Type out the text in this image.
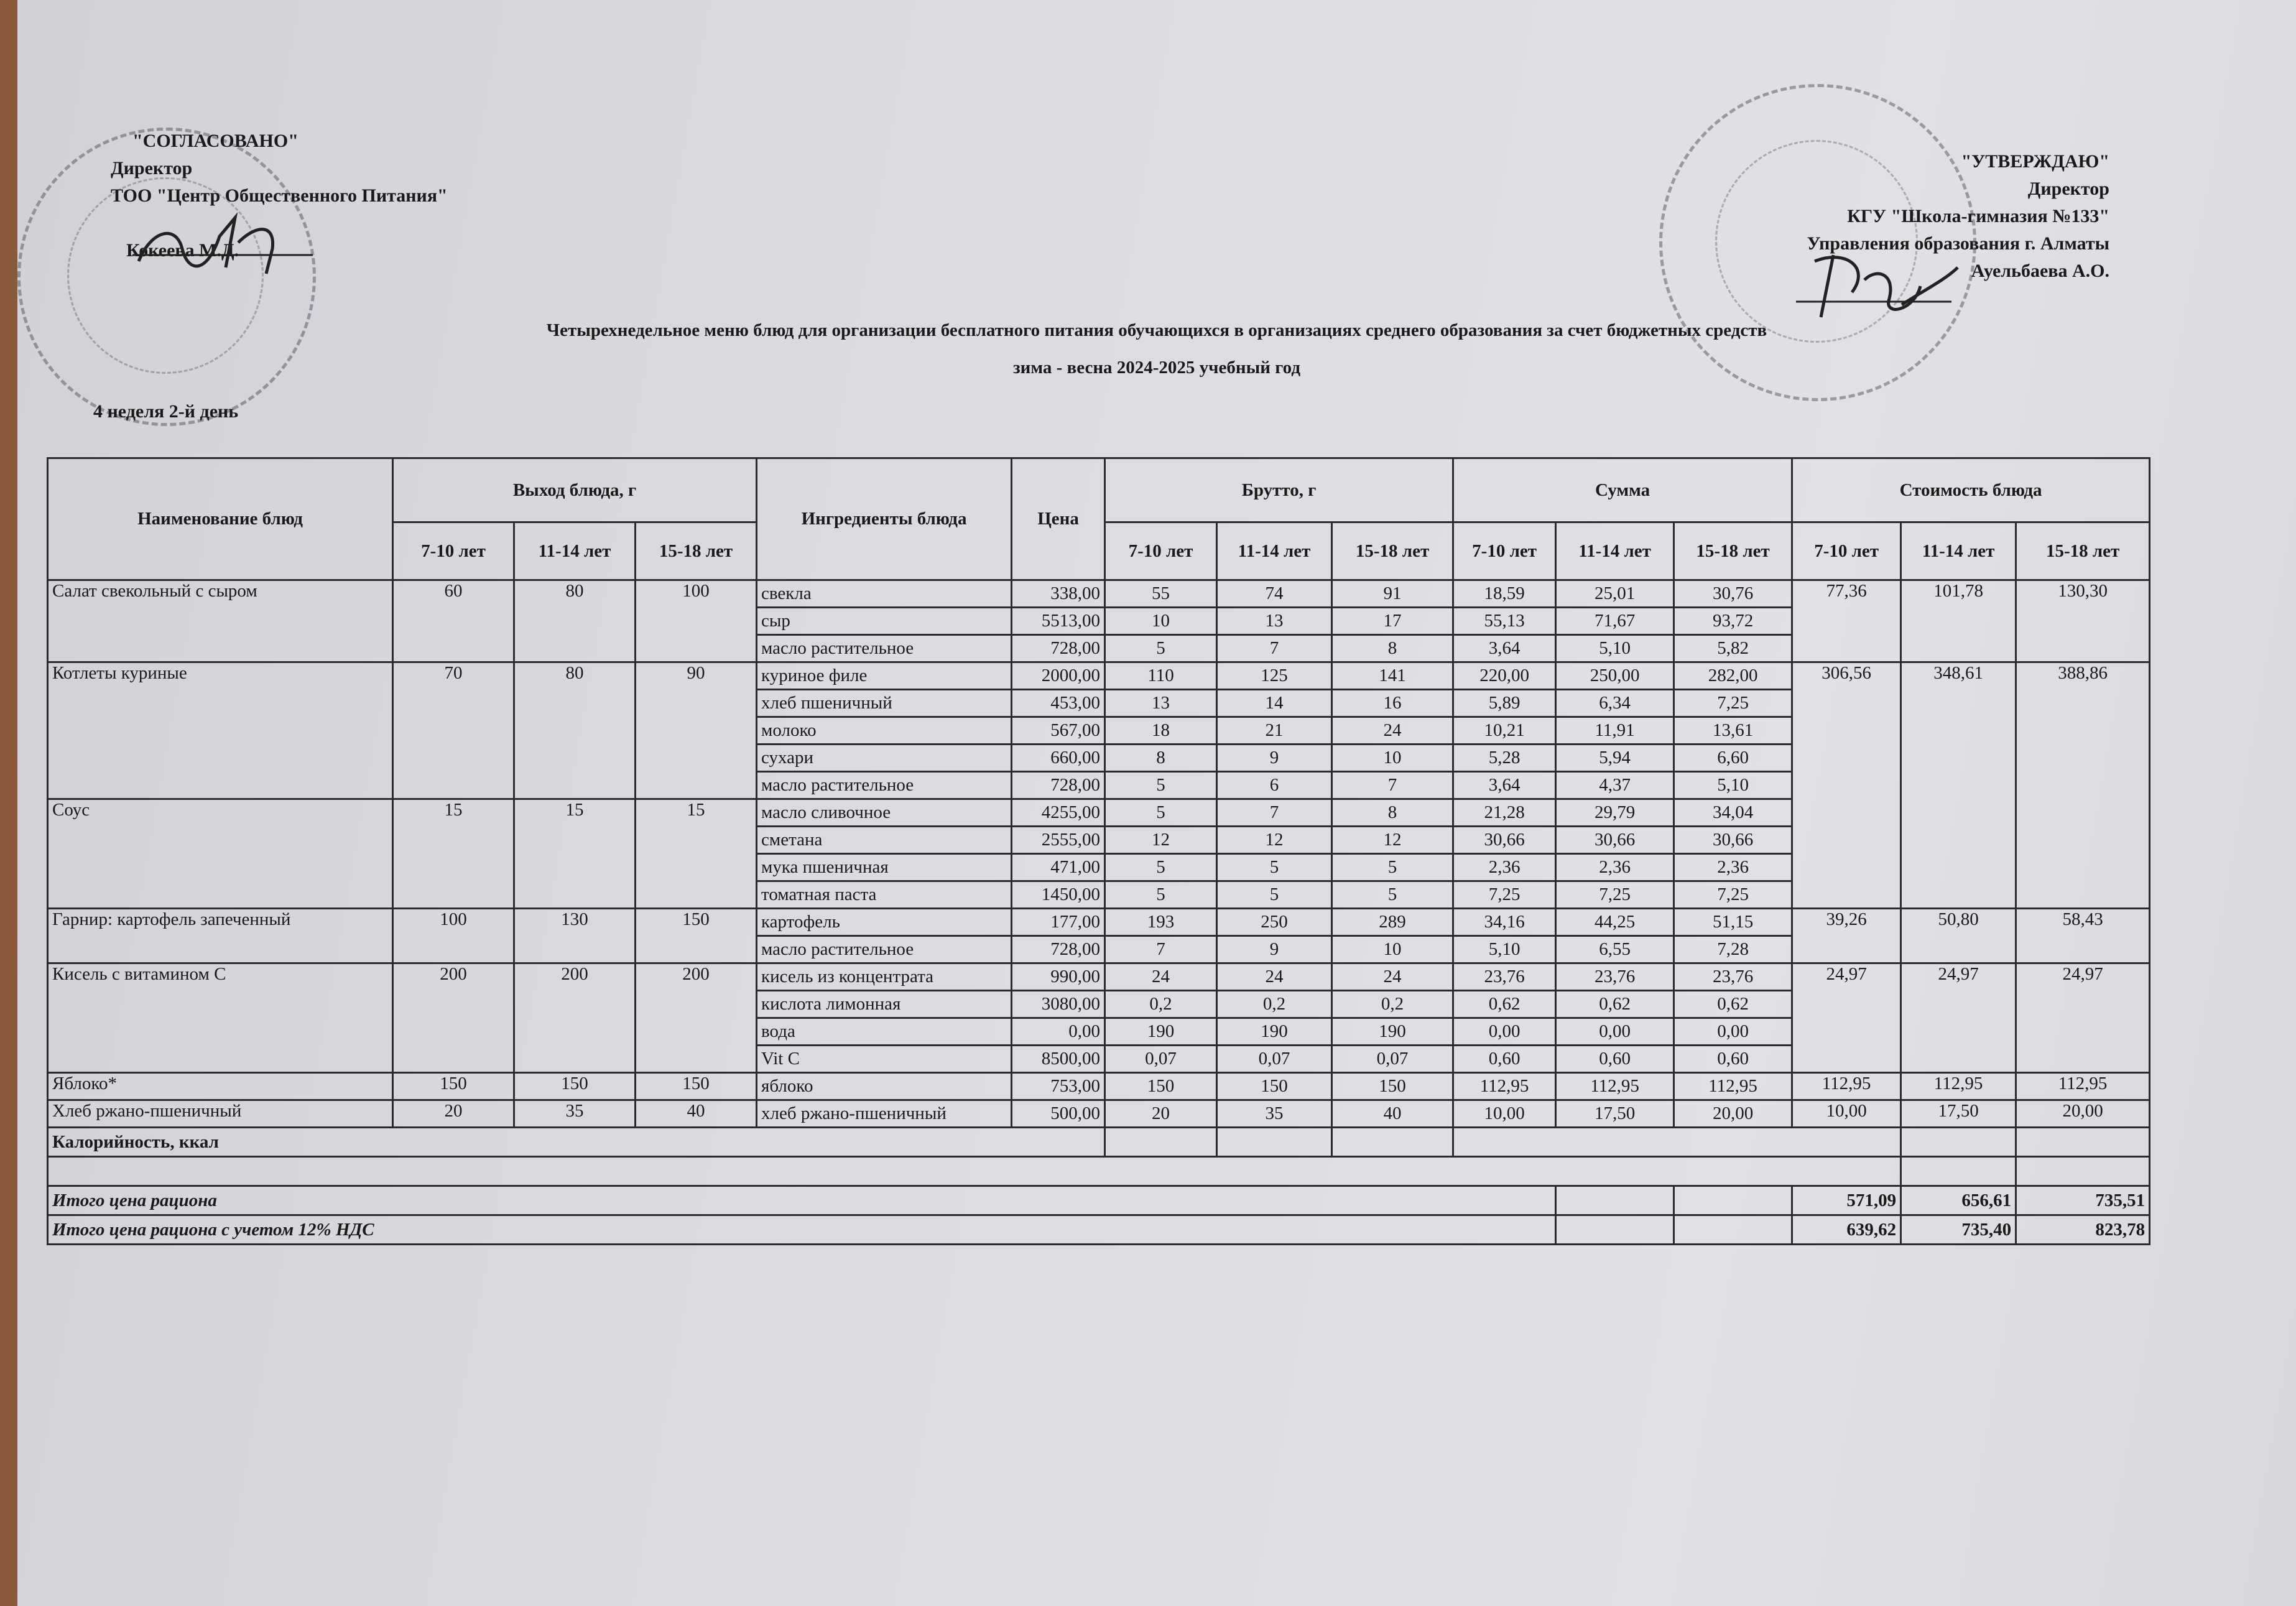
"СОГЛАСОВАНО"
Директор
ТОО "Центр Общественного Питания"
Кокеева М.Д.
"УТВЕРЖДАЮ"
Директор
КГУ "Школа-гимназия №133"
Управления образования г. Алматы
Ауельбаева А.О.
Четырехнедельное меню блюд для организации бесплатного питания обучающихся в организациях среднего образования за счет бюджетных средств
зима - весна 2024-2025 учебный год
4 неделя 2-й день
Наименование блюд	Выход блюда, г			Ингредиенты блюда	Цена	Брутто, г			Сумма			Стоимость блюда		
	7-10 лет	11-14 лет	15-18 лет			7-10 лет	11-14 лет	15-18 лет	7-10 лет	11-14 лет	15-18 лет	7-10 лет	11-14 лет	15-18 лет
Салат свекольный с сыром	60	80	100	свекла	338,00	55	74	91	18,59	25,01	30,76	77,36	101,78	130,30
				сыр	5513,00	10	13	17	55,13	71,67	93,72			
				масло растительное	728,00	5	7	8	3,64	5,10	5,82			
Котлеты куриные	70	80	90	куриное филе	2000,00	110	125	141	220,00	250,00	282,00	306,56	348,61	388,86
				хлеб пшеничный	453,00	13	14	16	5,89	6,34	7,25			
				молоко	567,00	18	21	24	10,21	11,91	13,61			
				сухари	660,00	8	9	10	5,28	5,94	6,60			
				масло растительное	728,00	5	6	7	3,64	4,37	5,10			
Соус	15	15	15	масло сливочное	4255,00	5	7	8	21,28	29,79	34,04			
				сметана	2555,00	12	12	12	30,66	30,66	30,66			
				мука пшеничная	471,00	5	5	5	2,36	2,36	2,36			
				томатная паста	1450,00	5	5	5	7,25	7,25	7,25			
Гарнир: картофель запеченный	100	130	150	картофель	177,00	193	250	289	34,16	44,25	51,15	39,26	50,80	58,43
				масло растительное	728,00	7	9	10	5,10	6,55	7,28			
Кисель с витамином С	200	200	200	кисель из концентрата	990,00	24	24	24	23,76	23,76	23,76	24,97	24,97	24,97
				кислота лимонная	3080,00	0,2	0,2	0,2	0,62	0,62	0,62			
				вода	0,00	190	190	190	0,00	0,00	0,00			
				Vit C	8500,00	0,07	0,07	0,07	0,60	0,60	0,60			
Яблоко*	150	150	150	яблоко	753,00	150	150	150	112,95	112,95	112,95	112,95	112,95	112,95
Хлеб ржано-пшеничный	20	35	40	хлеб ржано-пшеничный	500,00	20	35	40	10,00	17,50	20,00	10,00	17,50	20,00
Калорийность, ккал														

Итого цена рациона												571,09	656,61	735,51
Итого цена рациона с учетом 12% НДС												639,62	735,40	823,78
